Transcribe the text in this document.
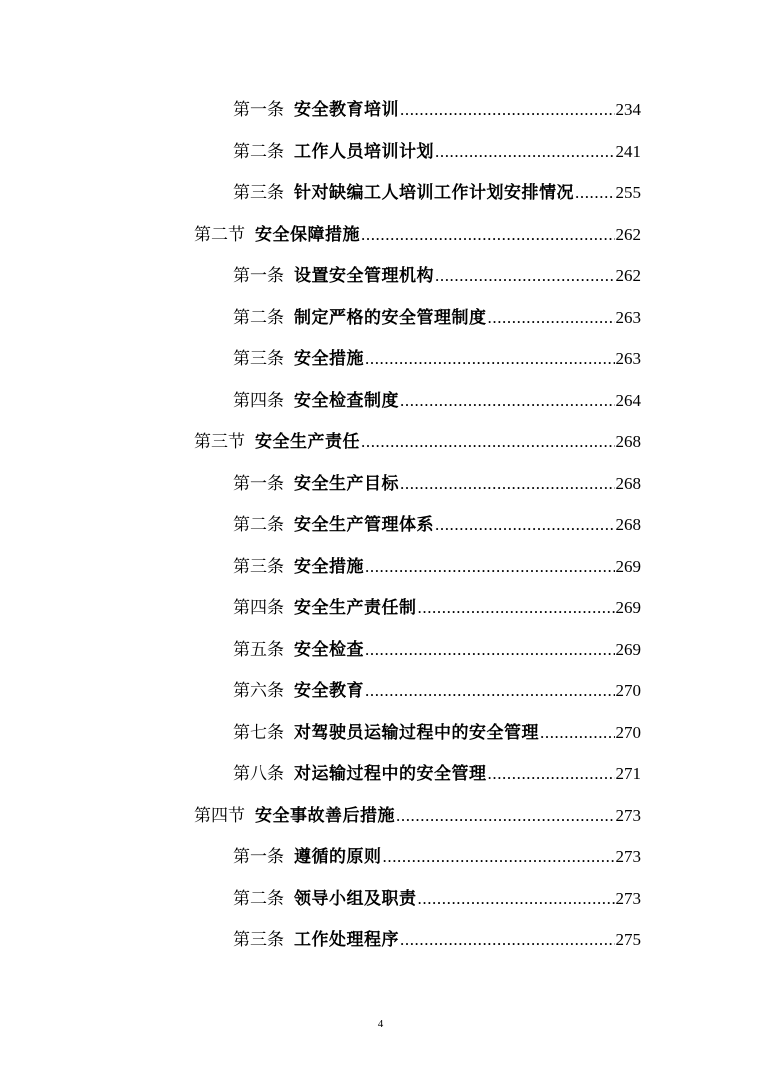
第一条 安全教育培训 .....	234
第二条 工作人员培训计划 .....	241
第三条 针对缺编工人培训工作计划安排情况 ..... 255
第二节 安全保障措施 .....	262
第一条 设置安全管理机构 .....	262
第二条 制定严格的安全管理制度 .....	263
第三条 安全措施 .....	263
第四条 安全检查制度 .....	264
第三节 安全生产责任 .....	268
第一条 安全生产目标 .....	268
第二条 安全生产管理体系 .....	268
第三条 安全措施 .....	269
第四条 安全生产责任制 .....	269
第五条 安全检查 .....	269
第六条 安全教育 .....	270
第七条 对驾驶员运输过程中的安全管理 .....	270
第八条 对运输过程中的安全管理 .....	271
第四节 安全事故善后措施 .....	273
第一条 遵循的原则 .....	273
第二条 领导小组及职责 .....	273
第三条 工作处理程序 .....	275
4
